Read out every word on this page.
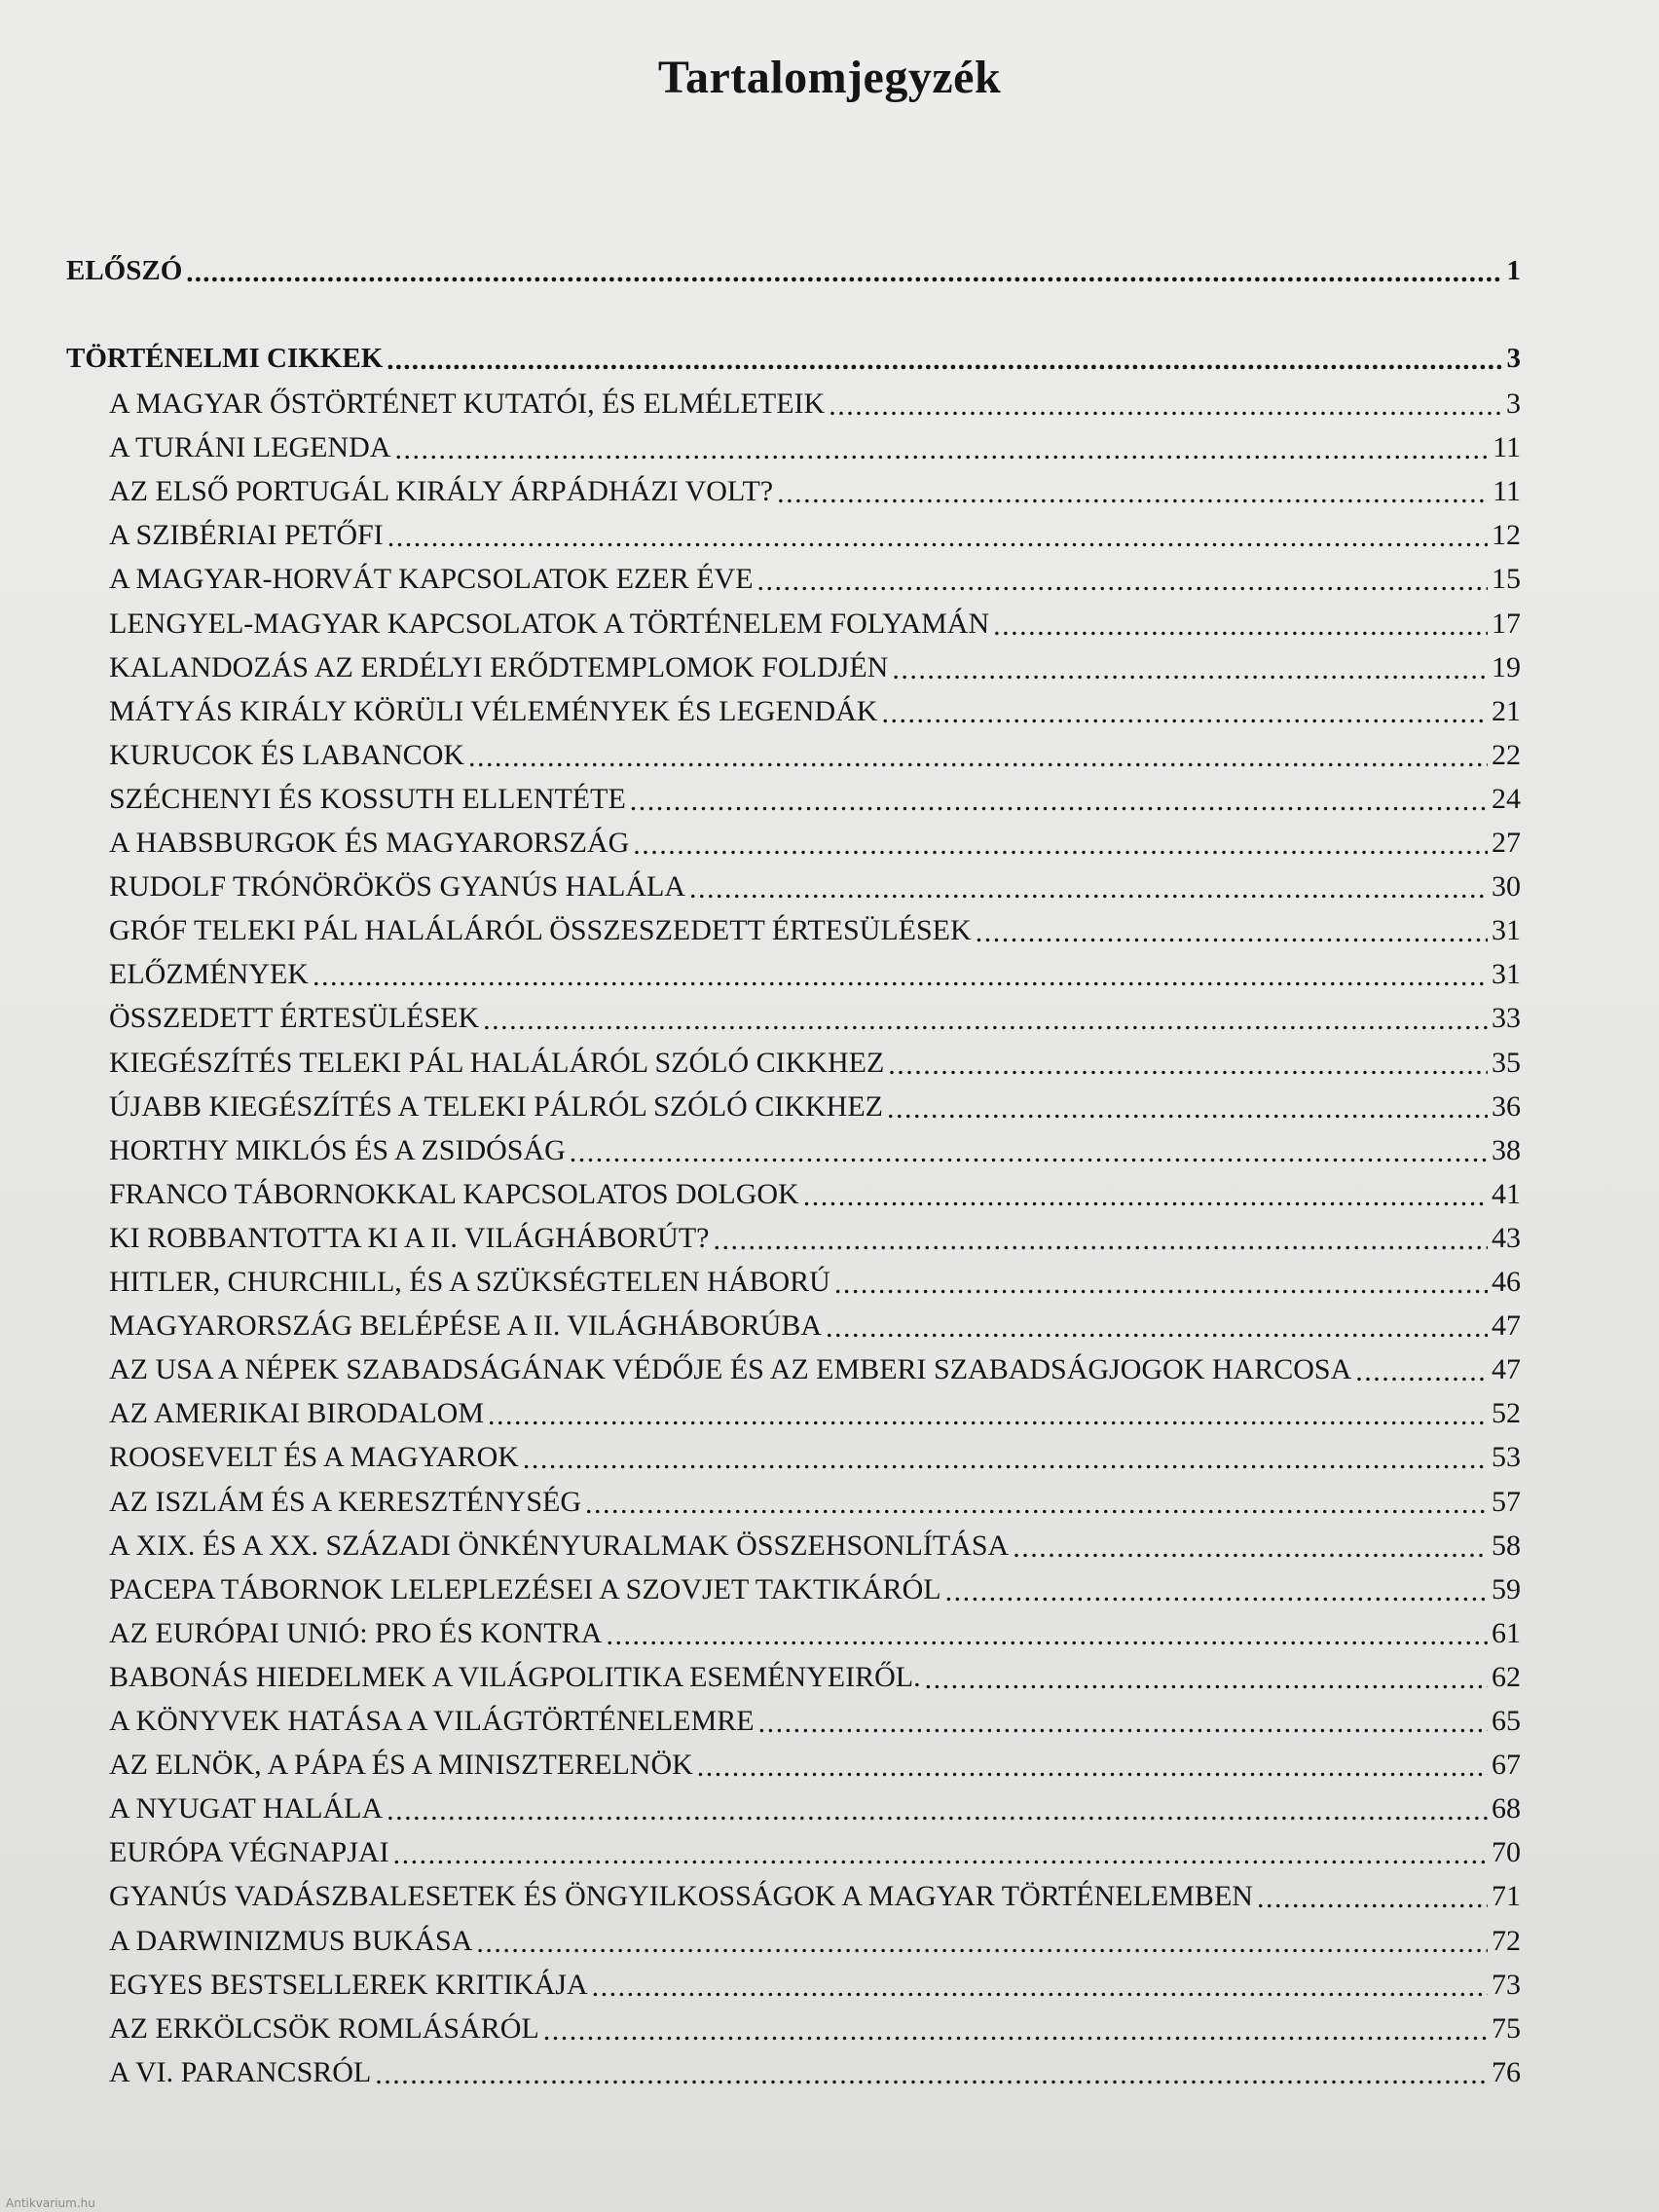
Tartalomjegyzék
ELŐSZÓ . . .	1
TÖRTÉNELMI CIKKEK . . .	3
A MAGYAR ŐSTÖRTÉNET KUTATÓI, ÉS ELMÉLETEIK . . .	3
A TURÁNI LEGENDA . . .	11
AZ ELSŐ PORTUGÁL KIRÁLY ÁRPÁDHÁZI VOLT? . . .	11
A SZIBÉRIAI PETŐFI . . .	12
A MAGYAR-HORVÁT KAPCSOLATOK EZER ÉVE . . .	15
LENGYEL-MAGYAR KAPCSOLATOK A TÖRTÉNELEM FOLYAMÁN . . .	17
KALANDOZÁS AZ ERDÉLYI ERŐDTEMPLOMOK FOLDJÉN . . .	19
MÁTYÁS KIRÁLY KÖRÜLI VÉLEMÉNYEK ÉS LEGENDÁK . . .	21
KURUCOK ÉS LABANCOK . . .	22
SZÉCHENYI ÉS KOSSUTH ELLENTÉTE . . .	24
A HABSBURGOK ÉS MAGYARORSZÁG . . .	27
RUDOLF TRÓNÖRÖKÖS GYANÚS HALÁLA . . .	30
GRÓF TELEKI PÁL HALÁLÁRÓL ÖSSZESZEDETT ÉRTESÜLÉSEK . . .	31
ELŐZMÉNYEK . . .	31
ÖSSZEDETT ÉRTESÜLÉSEK . . .	33
KIEGÉSZÍTÉS TELEKI PÁL HALÁLÁRÓL SZÓLÓ CIKKHEZ . . .	35
ÚJABB KIEGÉSZÍTÉS A TELEKI PÁLRÓL SZÓLÓ CIKKHEZ . . .	36
HORTHY MIKLÓS ÉS A ZSIDÓSÁG . . .	38
FRANCO TÁBORNOKKAL KAPCSOLATOS DOLGOK . . .	41
KI ROBBANTOTTA KI A II. VILÁGHÁBORÚT? . . .	43
HITLER, CHURCHILL, ÉS A SZÜKSÉGTELEN HÁBORÚ . . .	46
MAGYARORSZÁG BELÉPÉSE A II. VILÁGHÁBORÚBA . . .	47
AZ USA A NÉPEK SZABADSÁGÁNAK VÉDŐJE ÉS AZ EMBERI SZABADSÁGJOGOK HARCOSA . . .	47
AZ AMERIKAI BIRODALOM . . .	52
ROOSEVELT ÉS A MAGYAROK . . .	53
AZ ISZLÁM ÉS A KERESZTÉNYSÉG . . .	57
A XIX. ÉS A XX. SZÁZADI ÖNKÉNYURALMAK ÖSSZEHSONLÍTÁSA . . .	58
PACEPA TÁBORNOK LELEPLEZÉSEI A SZOVJET TAKTIKÁRÓL . . .	59
AZ EURÓPAI UNIÓ: PRO ÉS KONTRA . . .	61
BABONÁS HIEDELMEK A VILÁGPOLITIKA ESEMÉNYEIRŐL. . . .	62
A KÖNYVEK HATÁSA A VILÁGTÖRTÉNELEMRE . . .	65
AZ ELNÖK, A PÁPA ÉS A MINISZTERELNÖK . . .	67
A NYUGAT HALÁLA . . .	68
EURÓPA VÉGNAPJAI . . .	70
GYANÚS VADÁSZBALESETEK ÉS ÖNGYILKOSSÁGOK A MAGYAR TÖRTÉNELEMBEN . . .	71
A DARWINIZMUS BUKÁSA . . .	72
EGYES BESTSELLEREK KRITIKÁJA . . .	73
AZ ERKÖLCSÖK ROMLÁSÁRÓL . . .	75
A VI. PARANCSRÓL . . .	76
Antikvarium.hu
